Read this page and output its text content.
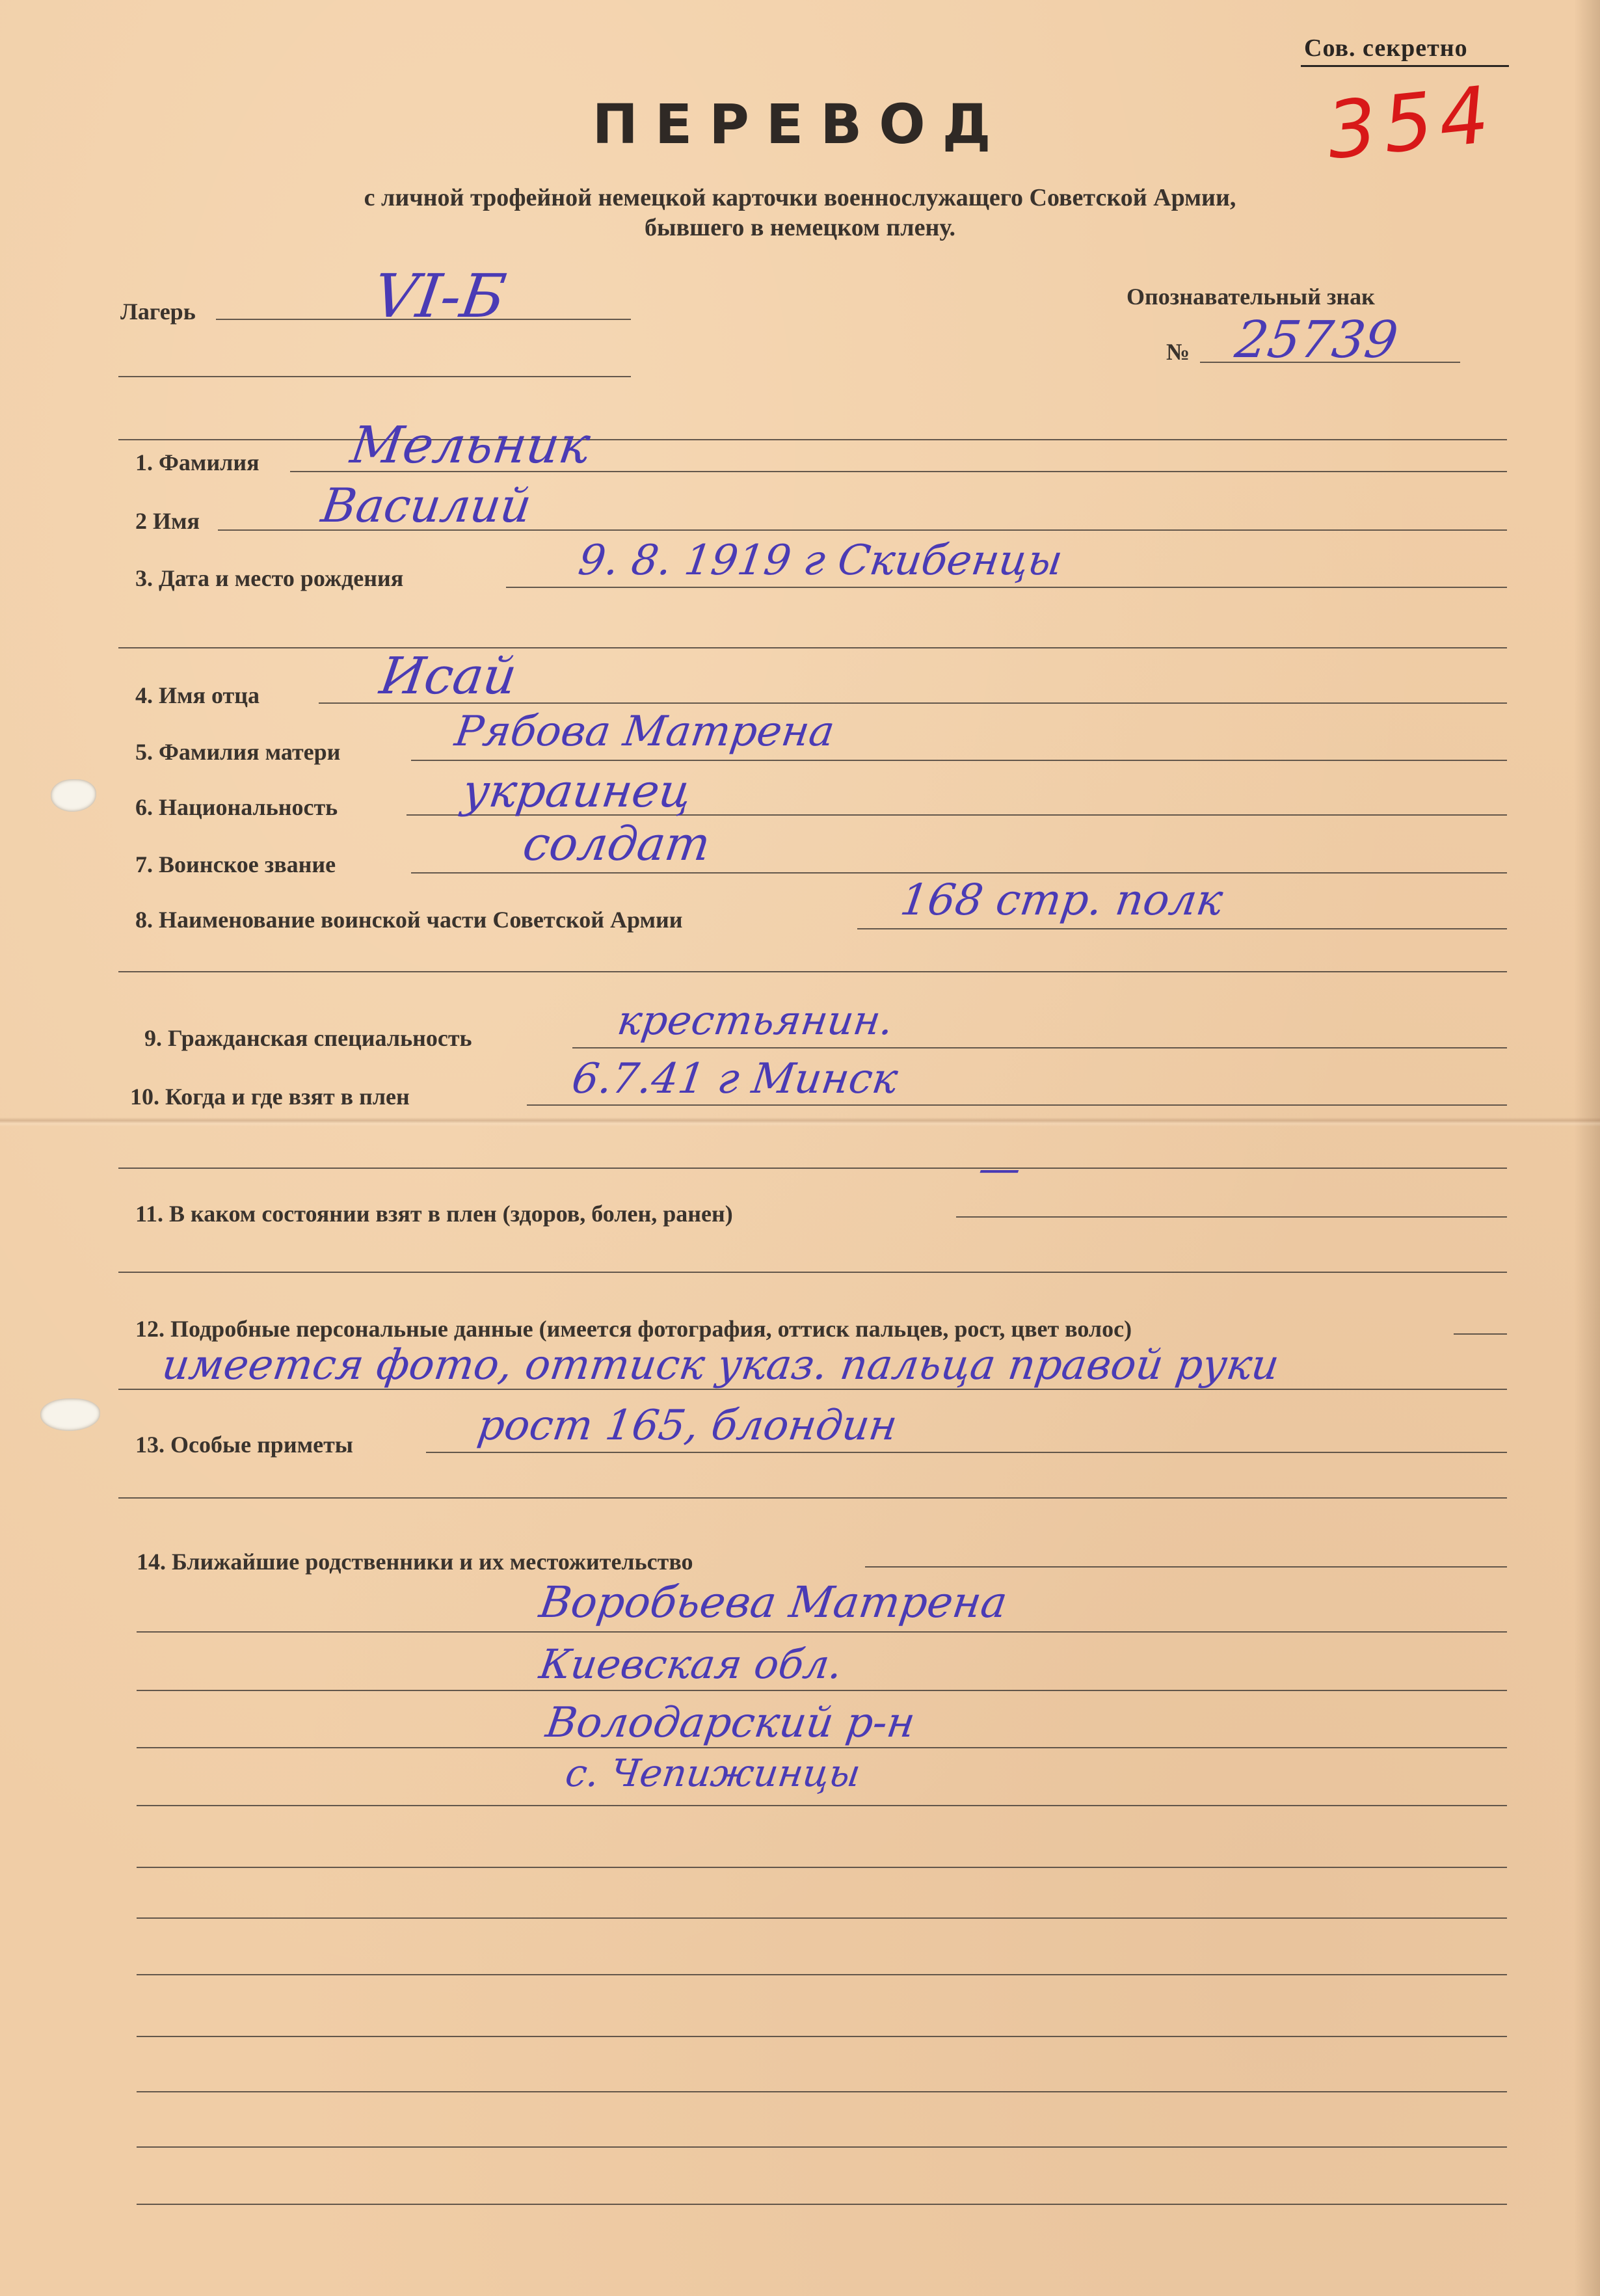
Сов. секретно
354
ПЕРЕВОД
с личной трофейной немецкой карточки военнослужащего Советской Армии,
бывшего в немецком плену.
Лагерь	VI-Б	Опознавательный знак
№ 25739
1. Фамилия Мельник
2 Имя	Василий
3. Дата и место рождения	9. 8. 1919 г Скибенцы
4. Имя отца Исай
5. Фамилия матери	Рябова Матрена
6. Национальность	украинец
7. Воинское звание	солдат
8. Наименование воинской части Советской Армии	168 стр. полк
9. Гражданская специальность	крестьянин.
10. Когда и где взят в плен	6.7.41 г Минск
11. В каком состоянии взят в плен (здоров, болен, ранен)
—
12. Подробные персональные данные (имеется фотография, оттиск пальцев, рост, цвет волос)
имеется фото, оттиск указ. пальца правой руки
13. Особые приметы	рост 165, блондин
14. Ближайшие родственники и их местожительство
Воробьева Матрена
Киевская обл.
Володарский р-н
с. Чепижинцы
